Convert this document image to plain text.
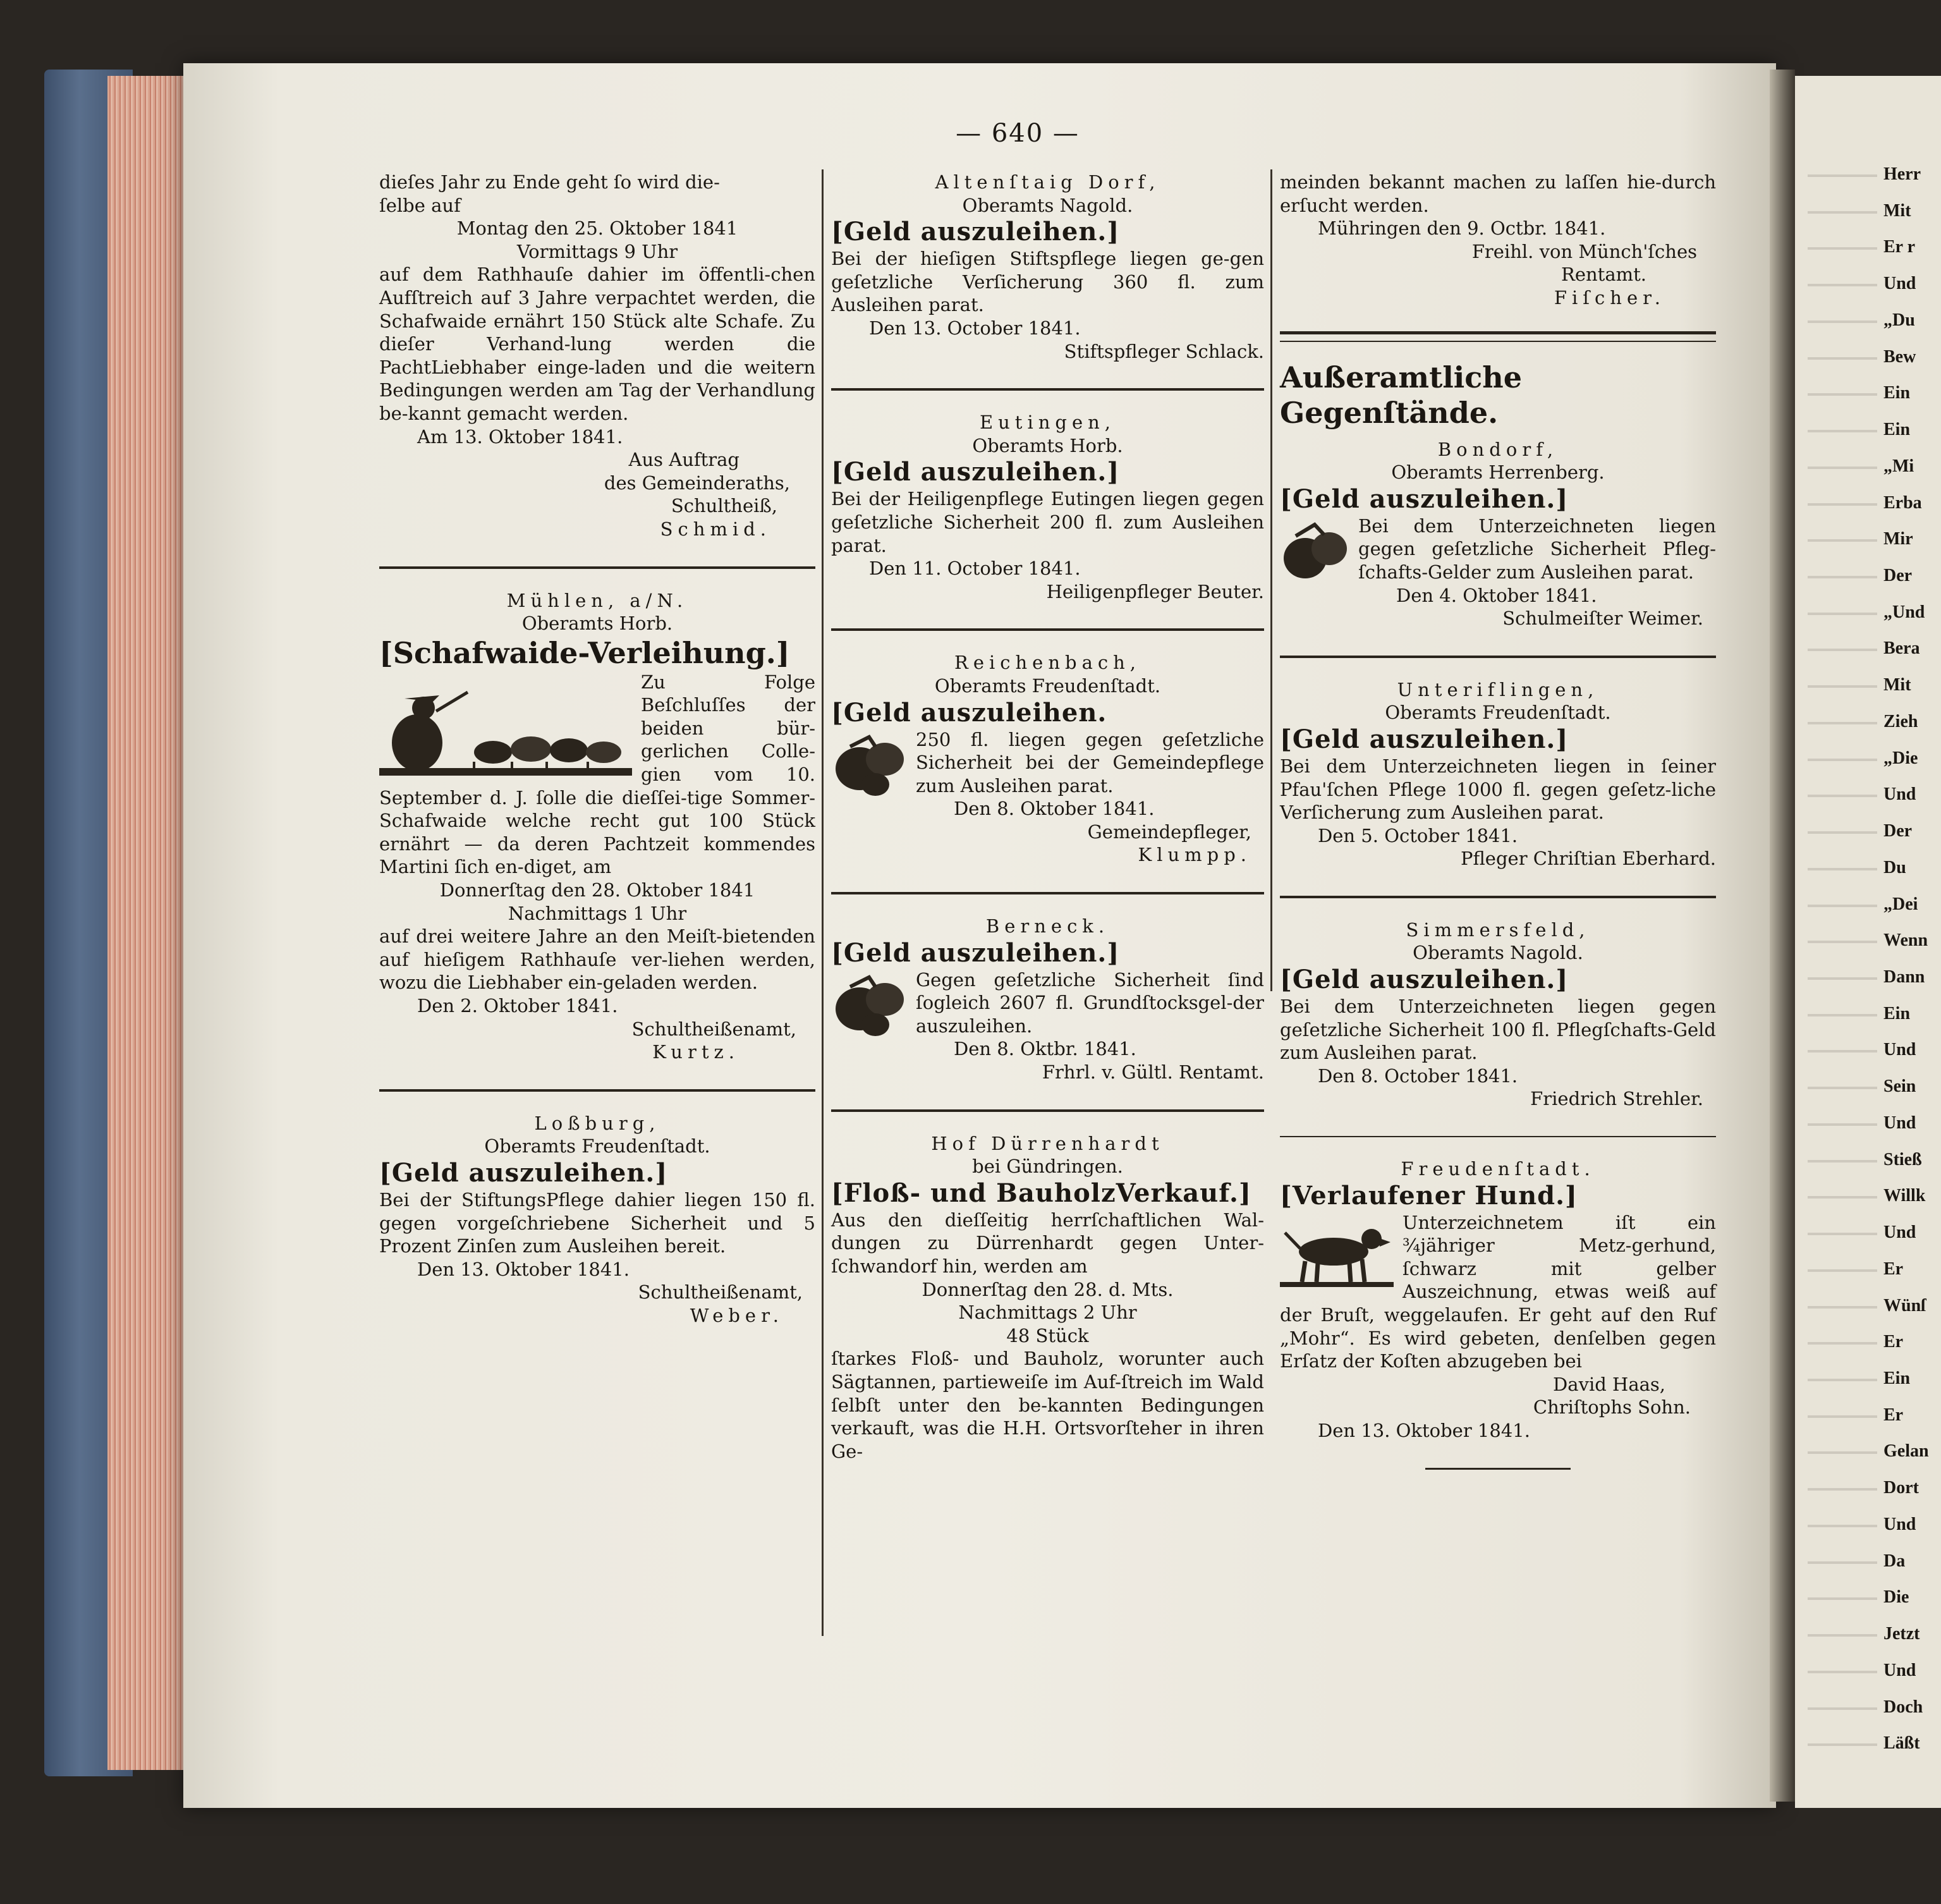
Herr
Mit
Er r
Und
„Du
Bew
Ein
Ein
„Mi
Erba
Mir
Der
„Und
Bera
Mit
Zieh
„Die
Und
Der
Du
„Dei
Wenn
Dann
Ein
Und
Sein
Und
Stieß
Willk
Und
Er
Wünſ
Er
Ein
Er
Gelan
Dort
Und
Da
Die
Jetzt
Und
Doch
Läßt
— 640 —

dieſes Jahr zu Ende geht ſo wird die-

ſelbe auf

Montag den 25. Oktober 1841

Vormittags 9 Uhr

auf dem Rathhauſe dahier im öffentli-chen Aufſtreich auf 3 Jahre verpachtet werden, die Schafwaide ernährt 150 Stück alte Schafe. Zu dieſer Verhand-lung werden die PachtLiebhaber einge-laden und die weitern Bedingungen werden am Tag der Verhandlung be-kannt gemacht werden.

Am 13. Oktober 1841.

Aus Auftrag

des Gemeinderaths,

Schultheiß,

Schmid.

Mühlen, a/N.

Oberamts Horb.

[Schafwaide-Verleihung.]

Zu Folge Beſchluſſes der beiden bür-gerlichen Colle-gien vom 10. September d. J. ſolle die dieſſei-tige Sommer-Schafwaide welche recht gut 100 Stück ernährt — da deren Pachtzeit kommendes Martini ſich en-diget, am

Donnerſtag den 28. Oktober 1841

Nachmittags 1 Uhr

auf drei weitere Jahre an den Meiſt-bietenden auf hieſigem Rathhauſe ver-liehen werden, wozu die Liebhaber ein-geladen werden.

Den 2. Oktober 1841.

Schultheißenamt,

Kurtz.

Loßburg,

Oberamts Freudenſtadt.

[Geld auszuleihen.]

Bei der StiftungsPflege dahier liegen 150 fl. gegen vorgeſchriebene Sicherheit und 5 Prozent Zinſen zum Ausleihen bereit.

Den 13. Oktober 1841.

Schultheißenamt,

Weber.

Altenſtaig Dorf,

Oberamts Nagold.

[Geld auszuleihen.]

Bei der hieſigen Stiftspflege liegen ge-gen geſetzliche Verſicherung 360 fl. zum Ausleihen parat.

Den 13. October 1841.

Stiftspfleger Schlack.

Eutingen,

Oberamts Horb.

[Geld auszuleihen.]

Bei der Heiligenpflege Eutingen liegen gegen geſetzliche Sicherheit 200 fl. zum Ausleihen parat.

Den 11. October 1841.

Heiligenpfleger Beuter.

Reichenbach,

Oberamts Freudenſtadt.

[Geld auszuleihen.

250 fl. liegen gegen geſetzliche Sicherheit bei der Gemeindepflege zum Ausleihen parat.

Den 8. Oktober 1841.

Gemeindepfleger,

Klumpp.

Berneck.

[Geld auszuleihen.]

Gegen geſetzliche Sicherheit ſind ſogleich 2607 fl. Grundſtocksgel-der auszuleihen.

Den 8. Oktbr. 1841.

Frhrl. v. Gültl. Rentamt.

Hof Dürrenhardt

bei Gündringen.

[Floß- und BauholzVerkauf.]

Aus den dieſſeitig herrſchaftlichen Wal-dungen zu Dürrenhardt gegen Unter-ſchwandorf hin, werden am

Donnerſtag den 28. d. Mts.

Nachmittags 2 Uhr

48 Stück

ſtarkes Floß- und Bauholz, worunter auch Sägtannen, partieweiſe im Auf-ſtreich im Wald ſelbſt unter den be-kannten Bedingungen verkauft, was die H.H. Ortsvorſteher in ihren Ge-

meinden bekannt machen zu laſſen hie-durch erſucht werden.

Mühringen den 9. Octbr. 1841.

Freihl. von Münch'ſches

Rentamt.

Fiſcher.

Außeramtliche Gegenſtände.

Bondorf,

Oberamts Herrenberg.

[Geld auszuleihen.]

Bei dem Unterzeichneten liegen gegen geſetzliche Sicherheit Pfleg-ſchafts-Gelder zum Ausleihen parat.

Den 4. Oktober 1841.

Schulmeiſter Weimer.

Unteriflingen,

Oberamts Freudenſtadt.

[Geld auszuleihen.]

Bei dem Unterzeichneten liegen in ſeiner Pfau'ſchen Pflege 1000 fl. gegen geſetz-liche Verſicherung zum Ausleihen parat.

Den 5. October 1841.

Pfleger Chriſtian Eberhard.

Simmersfeld,

Oberamts Nagold.

[Geld auszuleihen.]

Bei dem Unterzeichneten liegen gegen geſetzliche Sicherheit 100 fl. Pflegſchafts-Geld zum Ausleihen parat.

Den 8. October 1841.

Friedrich Strehler.

Freudenſtadt.

[Verlaufener Hund.]

Unterzeichnetem iſt ein ¾jähriger Metz-gerhund, ſchwarz mit gelber Auszeichnung, etwas weiß auf der Bruſt, weggelaufen. Er geht auf den Ruf „Mohr“. Es wird gebeten, denſelben gegen Erſatz der Koſten abzugeben bei

David Haas,

Chriſtophs Sohn.

Den 13. Oktober 1841.
